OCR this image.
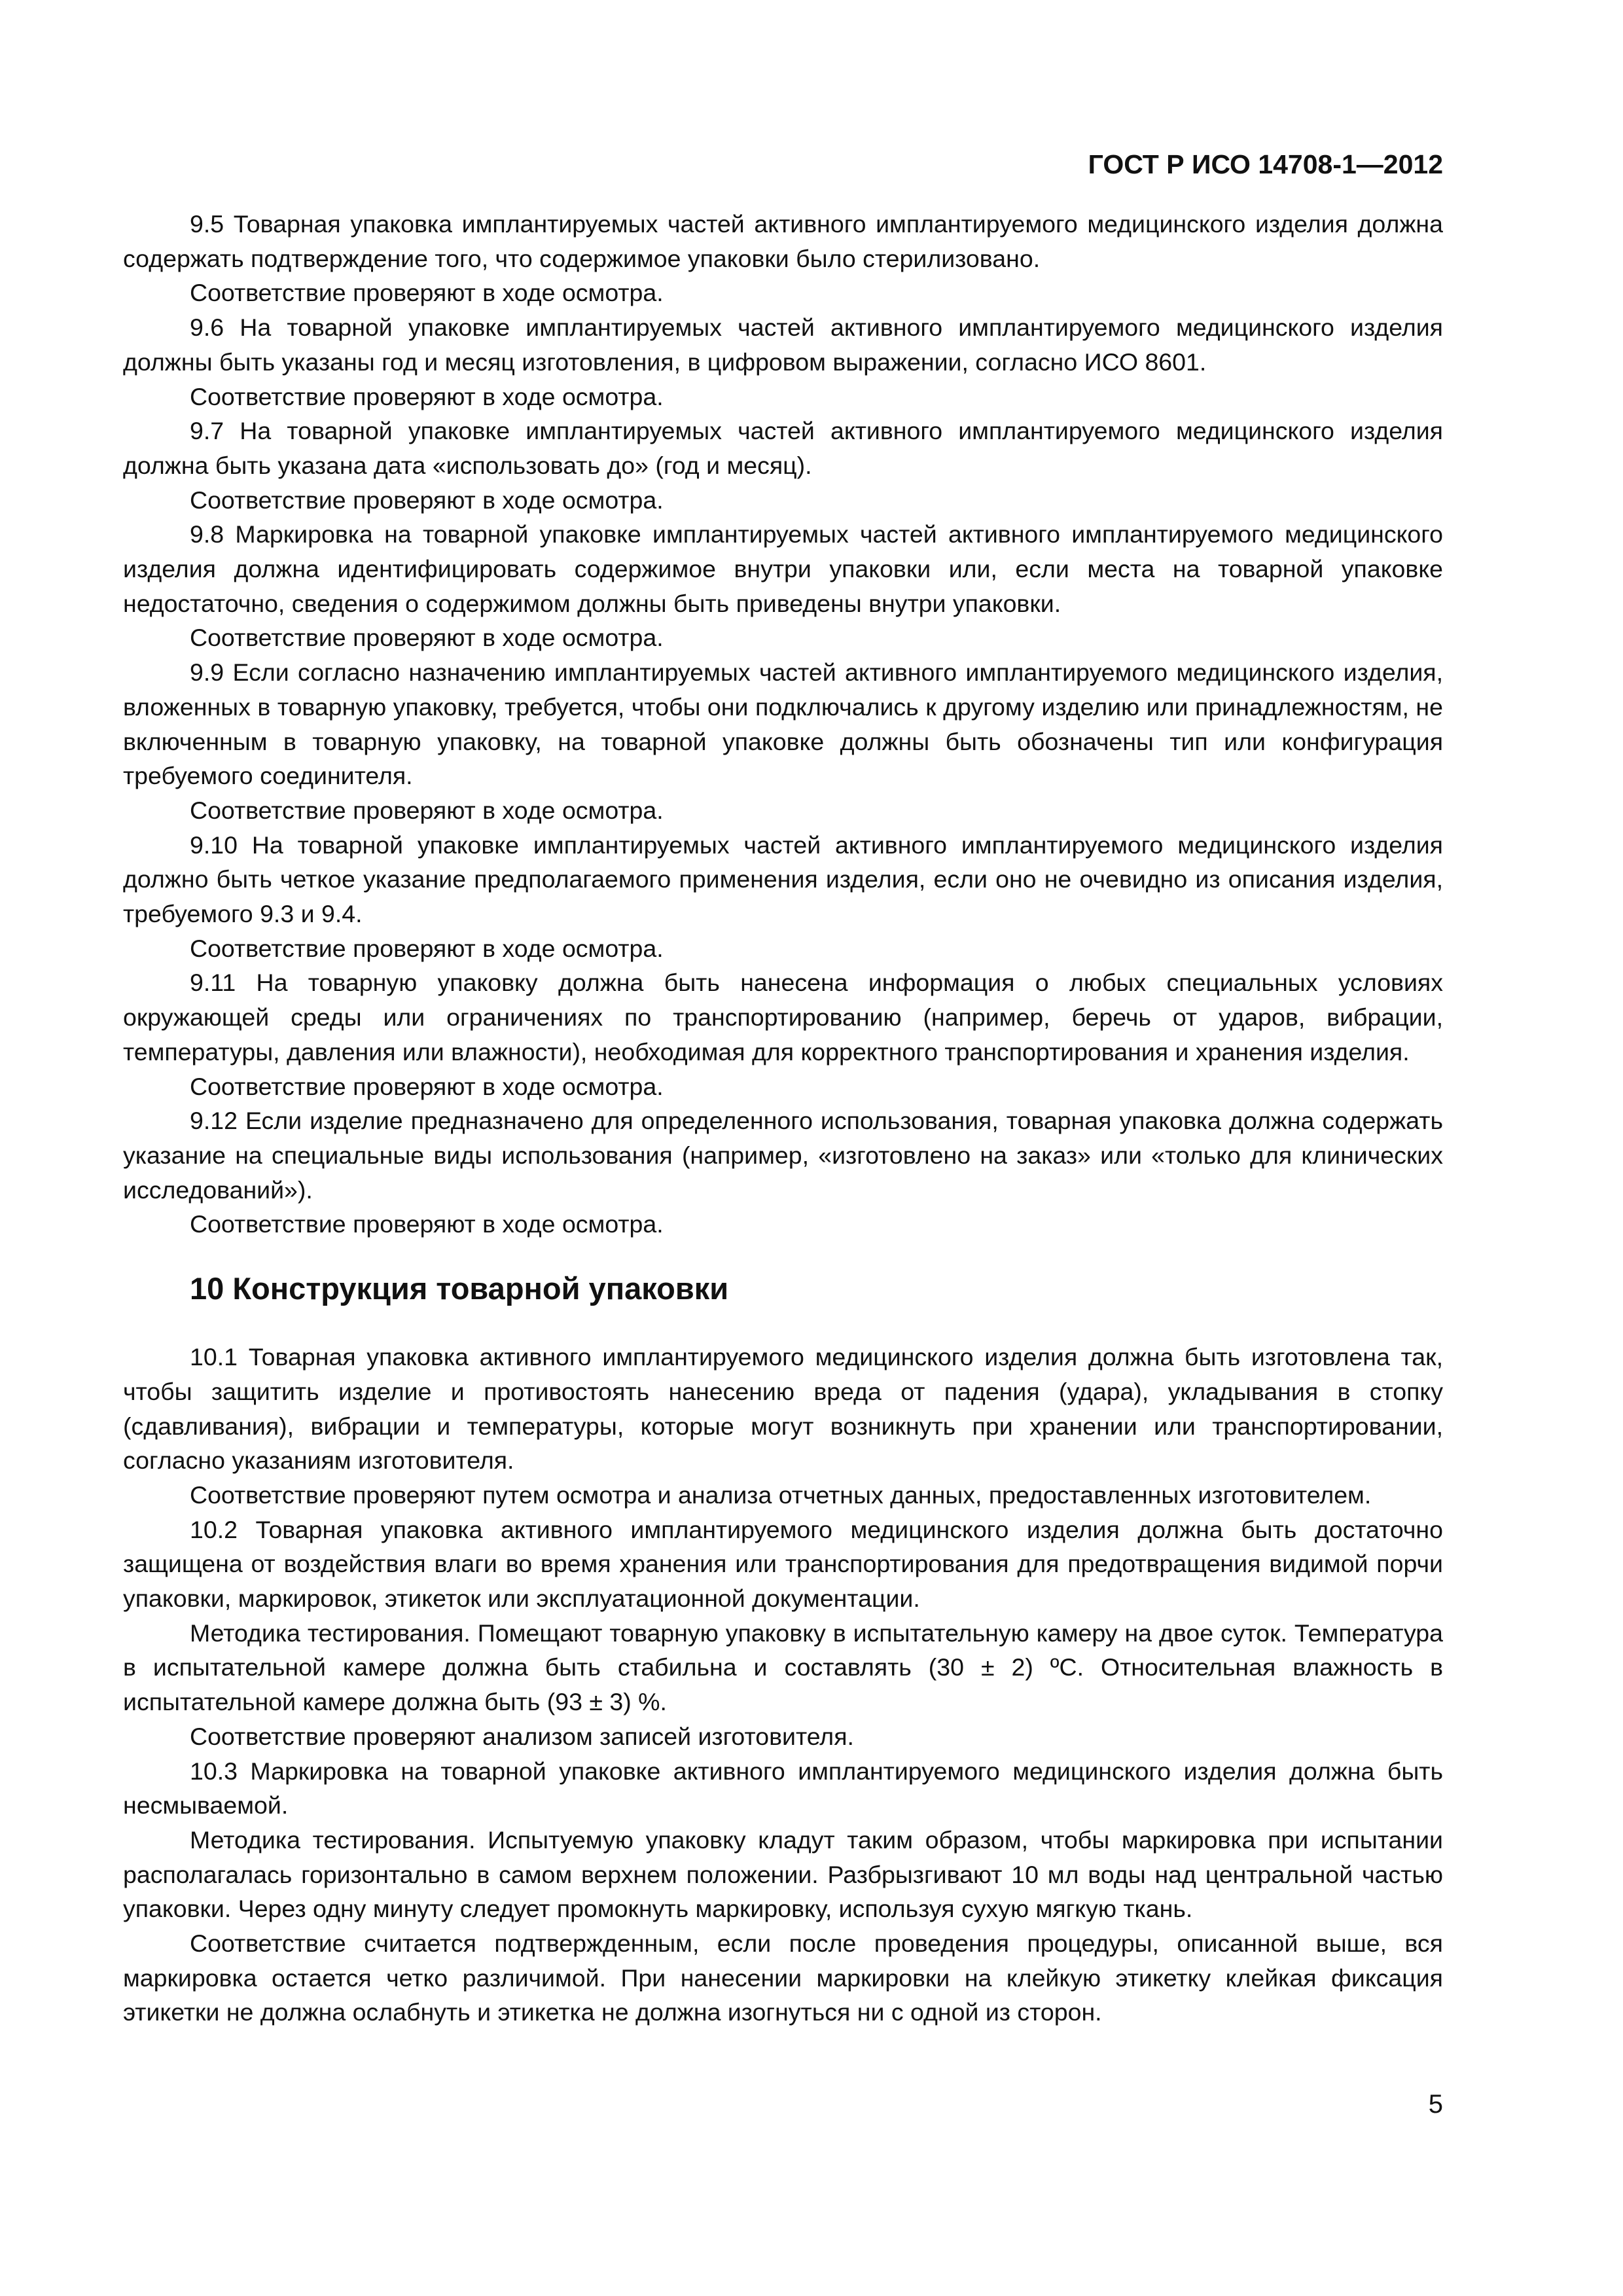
ГОСТ Р ИСО 14708-1—2012

9.5 Товарная упаковка имплантируемых частей активного имплантируемого медицинского изделия должна содержать подтверждение того, что содержимое упаковки было стерилизовано.

Соответствие проверяют в ходе осмотра.

9.6 На товарной упаковке имплантируемых частей активного имплантируемого медицинского изделия должны быть указаны год и месяц изготовления, в цифровом выражении, согласно ИСО 8601.

Соответствие проверяют в ходе осмотра.

9.7 На товарной упаковке имплантируемых частей активного имплантируемого медицинского изделия должна быть указана дата «использовать до» (год и месяц).

Соответствие проверяют в ходе осмотра.

9.8 Маркировка на товарной упаковке имплантируемых частей активного имплантируемого медицинского изделия должна идентифицировать содержимое внутри упаковки или, если места на товарной упаковке недостаточно, сведения о содержимом должны быть приведены внутри упаковки.

Соответствие проверяют в ходе осмотра.

9.9 Если согласно назначению имплантируемых частей активного имплантируемого медицинского изделия, вложенных в товарную упаковку, требуется, чтобы они подключались к другому изделию или принадлежностям, не включенным в товарную упаковку, на товарной упаковке должны быть обозначены тип или конфигурация требуемого соединителя.

Соответствие проверяют в ходе осмотра.

9.10 На товарной упаковке имплантируемых частей активного имплантируемого медицинского изделия должно быть четкое указание предполагаемого применения изделия, если оно не очевидно из описания изделия, требуемого 9.3 и 9.4.

Соответствие проверяют в ходе осмотра.

9.11 На товарную упаковку должна быть нанесена информация о любых специальных условиях окружающей среды или ограничениях по транспортированию (например, беречь от ударов, вибрации, температуры, давления или влажности), необходимая для корректного транспортирования и хранения изделия.

Соответствие проверяют в ходе осмотра.

9.12 Если изделие предназначено для определенного использования, товарная упаковка должна содержать указание на специальные виды использования (например, «изготовлено на заказ» или «только для клинических исследований»).

Соответствие проверяют в ходе осмотра.

10 Конструкция товарной упаковки

10.1 Товарная упаковка активного имплантируемого медицинского изделия должна быть изготовлена так, чтобы защитить изделие и противостоять нанесению вреда от падения (удара), укладывания в стопку (сдавливания), вибрации и температуры, которые могут возникнуть при хранении или транспортировании, согласно указаниям изготовителя.

Соответствие проверяют путем осмотра и анализа отчетных данных, предоставленных изготовителем.

10.2 Товарная упаковка активного имплантируемого медицинского изделия должна быть достаточно защищена от воздействия влаги во время хранения или транспортирования для предотвращения видимой порчи упаковки, маркировок, этикеток или эксплуатационной документации.

Методика тестирования. Помещают товарную упаковку в испытательную камеру на двое суток. Температура в испытательной камере должна быть стабильна и составлять (30 ± 2) ºС. Относительная влажность в испытательной камере должна быть (93 ± 3) %.

Соответствие проверяют анализом записей изготовителя.

10.3 Маркировка на товарной упаковке активного имплантируемого медицинского изделия должна быть несмываемой.

Методика тестирования. Испытуемую упаковку кладут таким образом, чтобы маркировка при испытании располагалась горизонтально в самом верхнем положении. Разбрызгивают 10 мл воды над центральной частью упаковки. Через одну минуту следует промокнуть маркировку, используя сухую мягкую ткань.

Соответствие считается подтвержденным, если после проведения процедуры, описанной выше, вся маркировка остается четко различимой. При нанесении маркировки на клейкую этикетку клейкая фиксация этикетки не должна ослабнуть и этикетка не должна изогнуться ни с одной из сторон.

5
